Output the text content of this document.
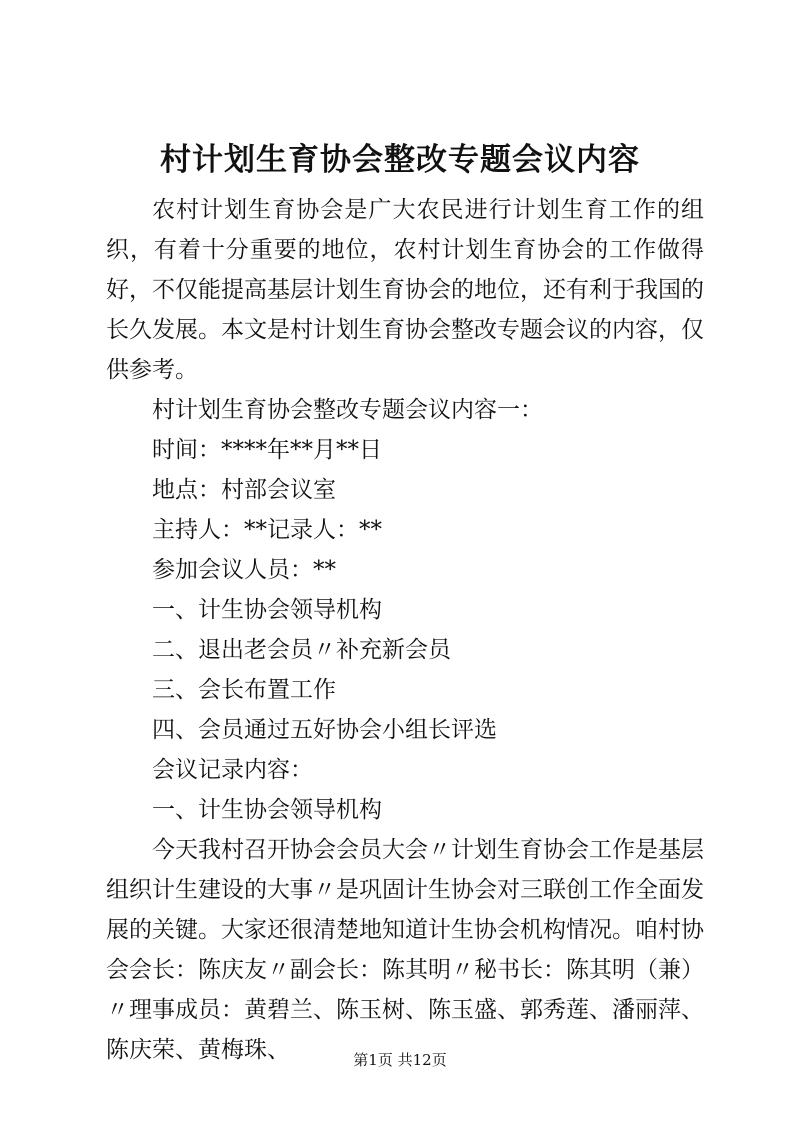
村计划生育协会整改专题会议内容

农村计划生育协会是广大农民进行计划生育工作的组织，有着十分重要的地位，农村计划生育协会的工作做得好，不仅能提高基层计划生育协会的地位，还有利于我国的长久发展。本文是村计划生育协会整改专题会议的内容，仅供参考。

村计划生育协会整改专题会议内容一：

时间：****年**月**日

地点：村部会议室

主持人：**记录人：**

参加会议人员：**

一、计生协会领导机构

二、退出老会员〃补充新会员

三、会长布置工作

四、会员通过五好协会小组长评选

会议记录内容：

一、计生协会领导机构

今天我村召开协会会员大会〃计划生育协会工作是基层组织计生建设的大事〃是巩固计生协会对三联创工作全面发展的关键。大家还很清楚地知道计生协会机构情况。咱村协会会长：陈庆友〃副会长：陈其明〃秘书长：陈其明（兼）〃理事成员：黄碧兰、陈玉树、陈玉盛、郭秀莲、潘丽萍、陈庆荣、黄梅珠、	第1页 共12页
